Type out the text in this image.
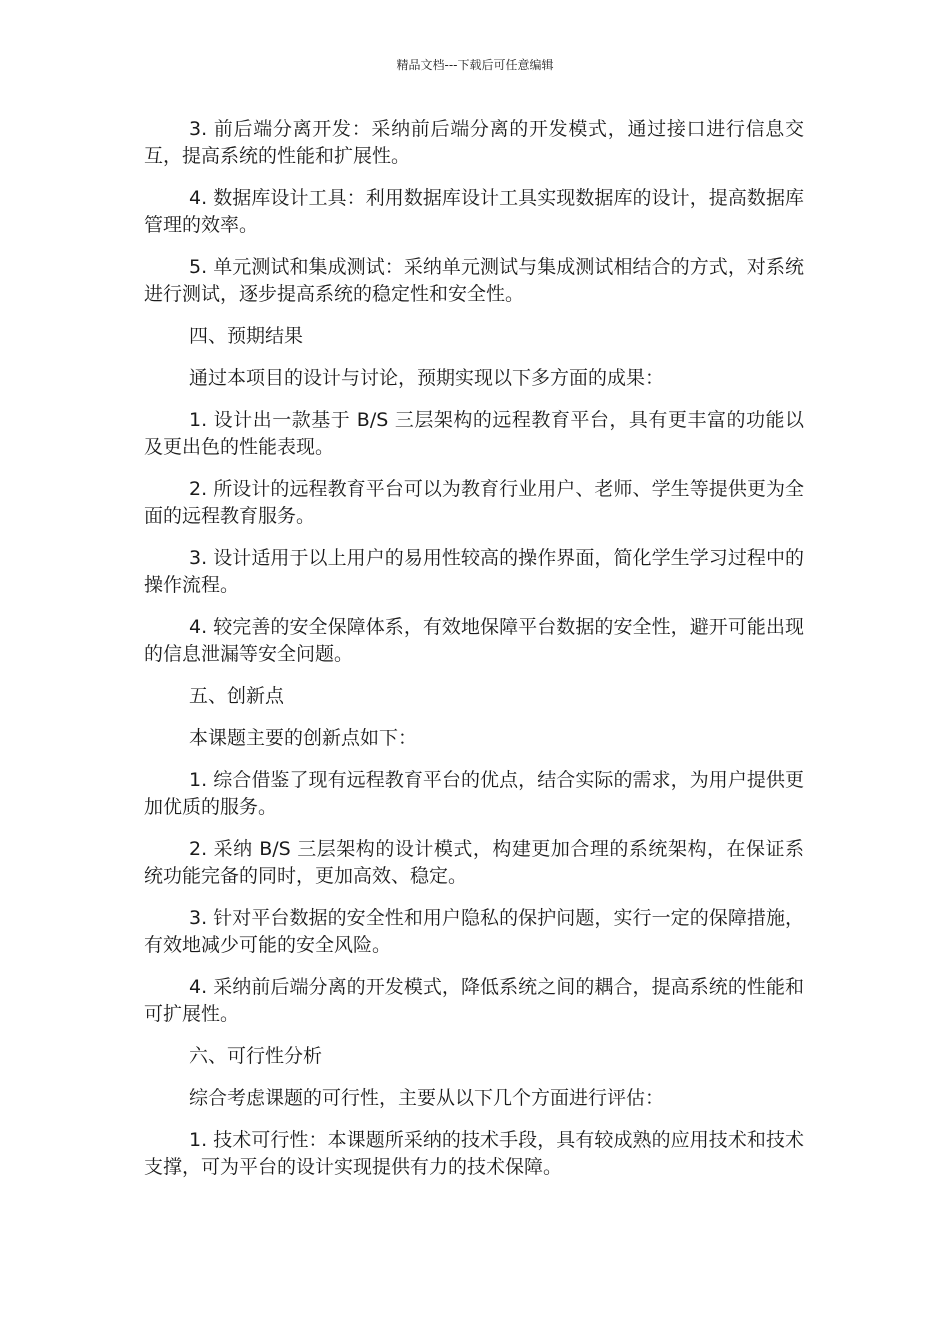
精品文档---下载后可任意编辑

3. 前后端分离开发：采纳前后端分离的开发模式，通过接口进行信息交互，提高系统的性能和扩展性。

4. 数据库设计工具：利用数据库设计工具实现数据库的设计，提高数据库管理的效率。

5. 单元测试和集成测试：采纳单元测试与集成测试相结合的方式，对系统进行测试，逐步提高系统的稳定性和安全性。

四、预期结果

通过本项目的设计与讨论，预期实现以下多方面的成果：

1. 设计出一款基于 B/S 三层架构的远程教育平台，具有更丰富的功能以及更出色的性能表现。

2. 所设计的远程教育平台可以为教育行业用户、老师、学生等提供更为全面的远程教育服务。

3. 设计适用于以上用户的易用性较高的操作界面，简化学生学习过程中的操作流程。

4. 较完善的安全保障体系，有效地保障平台数据的安全性，避开可能出现的信息泄漏等安全问题。

五、创新点

本课题主要的创新点如下：

1. 综合借鉴了现有远程教育平台的优点，结合实际的需求，为用户提供更加优质的服务。

2. 采纳 B/S 三层架构的设计模式，构建更加合理的系统架构，在保证系统功能完备的同时，更加高效、稳定。

3. 针对平台数据的安全性和用户隐私的保护问题，实行一定的保障措施，有效地减少可能的安全风险。

4. 采纳前后端分离的开发模式，降低系统之间的耦合，提高系统的性能和可扩展性。

六、可行性分析

综合考虑课题的可行性，主要从以下几个方面进行评估：

1. 技术可行性：本课题所采纳的技术手段，具有较成熟的应用技术和技术支撑，可为平台的设计实现提供有力的技术保障。
